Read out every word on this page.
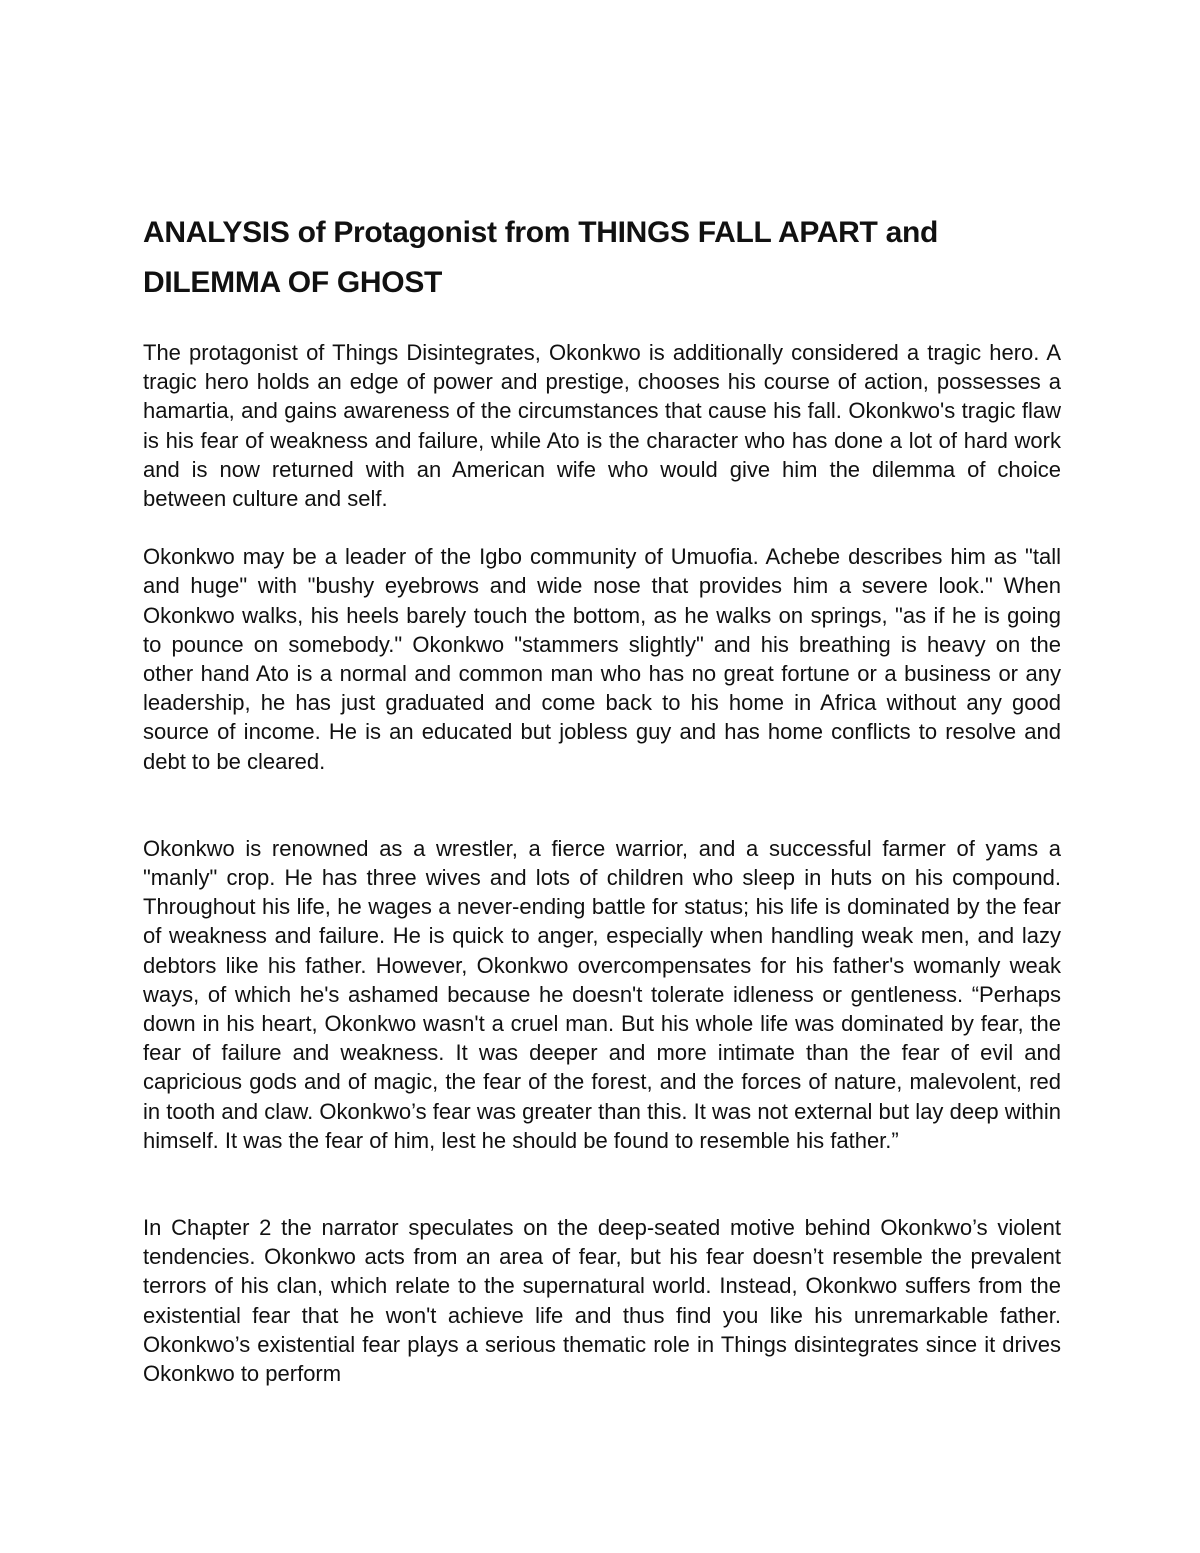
ANALYSIS of Protagonist from THINGS FALL APART and DILEMMA OF GHOST

The protagonist of Things Disintegrates, Okonkwo is additionally considered a tragic hero. A tragic hero holds an edge of power and prestige, chooses his course of action, possesses a hamartia, and gains awareness of the circumstances that cause his fall. Okonkwo's tragic flaw is his fear of weakness and failure, while Ato is the character who has done a lot of hard work and is now returned with an American wife who would give him the dilemma of choice between culture and self.

Okonkwo may be a leader of the Igbo community of Umuofia. Achebe describes him as "tall and huge" with "bushy eyebrows and wide nose that provides him a severe look." When Okonkwo walks, his heels barely touch the bottom, as he walks on springs, "as if he is going to pounce on somebody." Okonkwo "stammers slightly" and his breathing is heavy on the other hand Ato is a normal and common man who has no great fortune or a business or any leadership, he has just graduated and come back to his home in Africa without any good source of income. He is an educated but jobless guy and has home conflicts to resolve and debt to be cleared.

Okonkwo is renowned as a wrestler, a fierce warrior, and a successful farmer of yams a "manly" crop. He has three wives and lots of children who sleep in huts on his compound. Throughout his life, he wages a never-ending battle for status; his life is dominated by the fear of weakness and failure. He is quick to anger, especially when handling weak men, and lazy debtors like his father. However, Okonkwo overcompensates for his father's womanly weak ways, of which he's ashamed because he doesn't tolerate idleness or gentleness. “Perhaps down in his heart, Okonkwo wasn't a cruel man. But his whole life was dominated by fear, the fear of failure and weakness. It was deeper and more intimate than the fear of evil and capricious gods and of magic, the fear of the forest, and the forces of nature, malevolent, red in tooth and claw. Okonkwo’s fear was greater than this. It was not external but lay deep within himself. It was the fear of him, lest he should be found to resemble his father.”

In Chapter 2 the narrator speculates on the deep-seated motive behind Okonkwo’s violent tendencies. Okonkwo acts from an area of fear, but his fear doesn’t resemble the prevalent terrors of his clan, which relate to the supernatural world. Instead, Okonkwo suffers from the existential fear that he won't achieve life and thus find you like his unremarkable father. Okonkwo’s existential fear plays a serious thematic role in Things disintegrates since it drives Okonkwo to perform
